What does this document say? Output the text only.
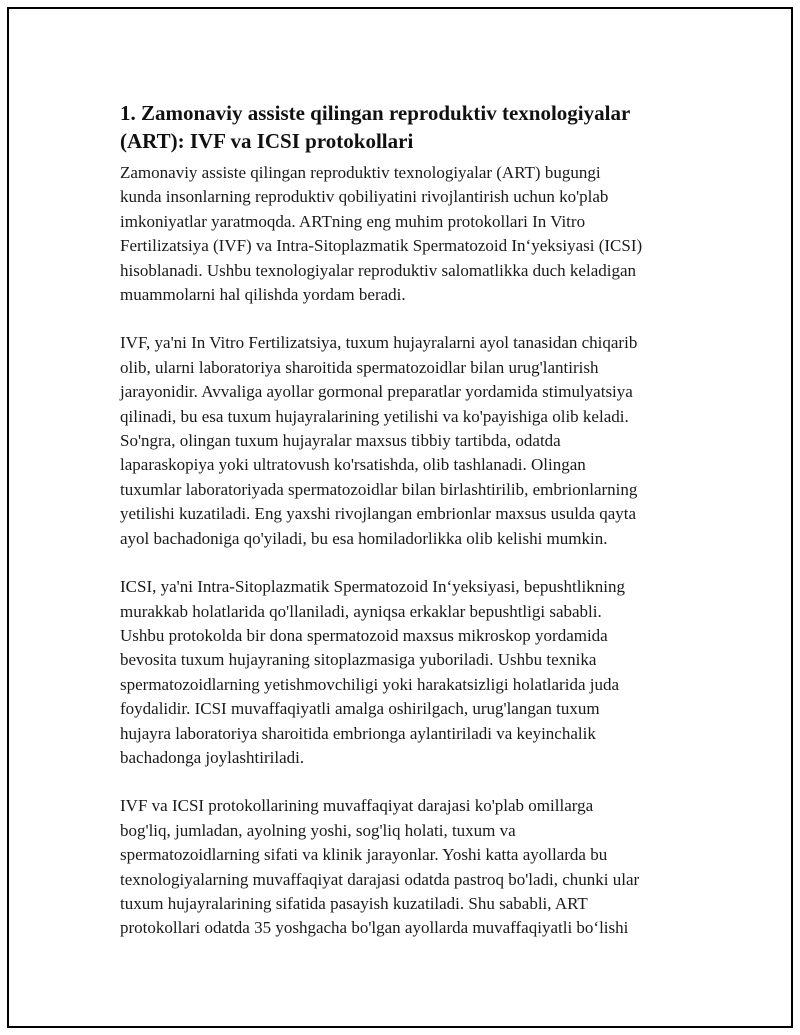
1. Zamonaviy assiste qilingan reproduktiv texnologiyalar
(ART): IVF va ICSI protokollari

Zamonaviy assiste qilingan reproduktiv texnologiyalar (ART) bugungi
kunda insonlarning reproduktiv qobiliyatini rivojlantirish uchun ko'plab
imkoniyatlar yaratmoqda. ARTning eng muhim protokollari In Vitro
Fertilizatsiya (IVF) va Intra-Sitoplazmatik Spermatozoid Inʻyeksiyasi (ICSI)
hisoblanadi. Ushbu texnologiyalar reproduktiv salomatlikka duch keladigan
muammolarni hal qilishda yordam beradi.

IVF, ya'ni In Vitro Fertilizatsiya, tuxum hujayralarni ayol tanasidan chiqarib
olib, ularni laboratoriya sharoitida spermatozoidlar bilan urug'lantirish
jarayonidir. Avvaliga ayollar gormonal preparatlar yordamida stimulyatsiya
qilinadi, bu esa tuxum hujayralarining yetilishi va ko'payishiga olib keladi.
So'ngra, olingan tuxum hujayralar maxsus tibbiy tartibda, odatda
laparaskopiya yoki ultratovush ko'rsatishda, olib tashlanadi. Olingan
tuxumlar laboratoriyada spermatozoidlar bilan birlashtirilib, embrionlarning
yetilishi kuzatiladi. Eng yaxshi rivojlangan embrionlar maxsus usulda qayta
ayol bachadoniga qo'yiladi, bu esa homiladorlikka olib kelishi mumkin.

ICSI, ya'ni Intra-Sitoplazmatik Spermatozoid Inʻyeksiyasi, bepushtlikning
murakkab holatlarida qo'llaniladi, ayniqsa erkaklar bepushtligi sababli.
Ushbu protokolda bir dona spermatozoid maxsus mikroskop yordamida
bevosita tuxum hujayraning sitoplazmasiga yuboriladi. Ushbu texnika
spermatozoidlarning yetishmovchiligi yoki harakatsizligi holatlarida juda
foydalidir. ICSI muvaffaqiyatli amalga oshirilgach, urug'langan tuxum
hujayra laboratoriya sharoitida embrionga aylantiriladi va keyinchalik
bachadonga joylashtiriladi.

IVF va ICSI protokollarining muvaffaqiyat darajasi ko'plab omillarga
bog'liq, jumladan, ayolning yoshi, sog'liq holati, tuxum va
spermatozoidlarning sifati va klinik jarayonlar. Yoshi katta ayollarda bu
texnologiyalarning muvaffaqiyat darajasi odatda pastroq bo'ladi, chunki ular
tuxum hujayralarining sifatida pasayish kuzatiladi. Shu sababli, ART
protokollari odatda 35 yoshgacha bo'lgan ayollarda muvaffaqiyatli boʻlishi
